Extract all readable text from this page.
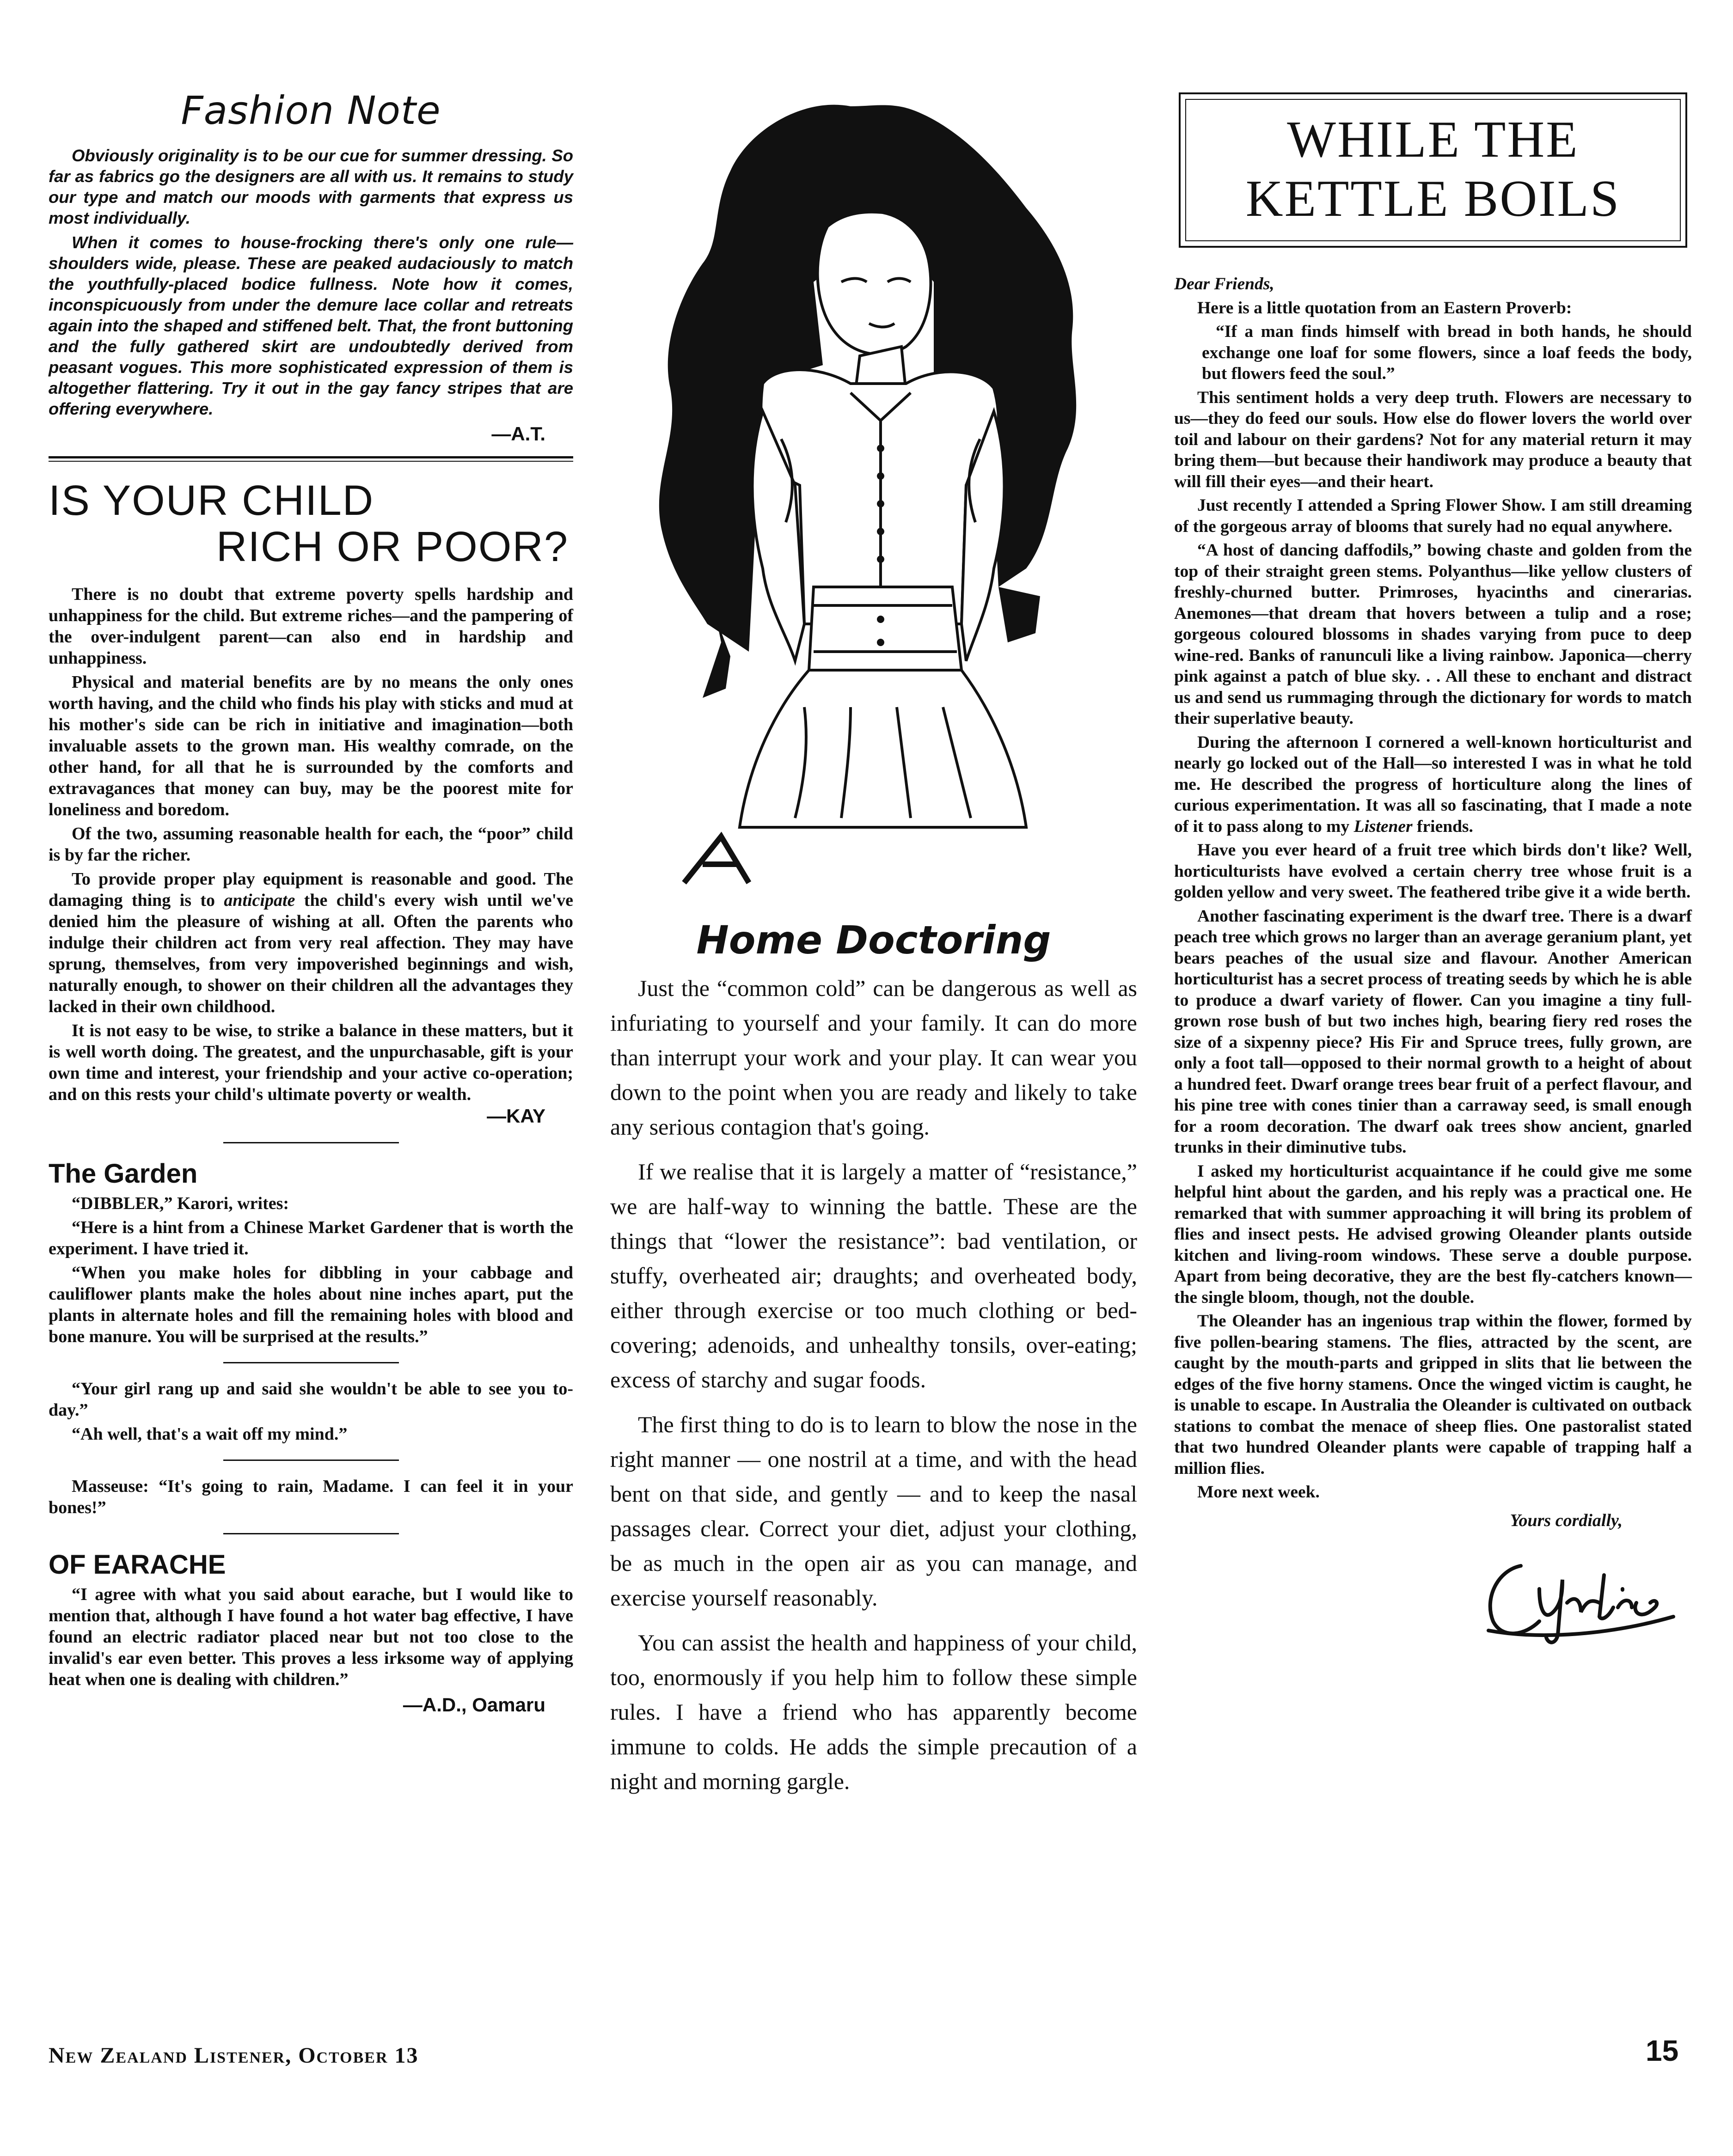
Fashion Note

Obviously originality is to be our cue for summer dressing. So far as fabrics go the designers are all with us. It remains to study our type and match our moods with garments that express us most individually.

When it comes to house-frocking there's only one rule—shoulders wide, please. These are peaked audaciously to match the youthfully-placed bodice fullness. Note how it comes, inconspicuously from under the demure lace collar and retreats again into the shaped and stiffened belt. That, the front buttoning and the fully gathered skirt are undoubtedly derived from peasant vogues. This more sophisticated expression of them is altogether flattering. Try it out in the gay fancy stripes that are offering everywhere.

—A.T.
IS YOUR CHILD
RICH OR POOR?

There is no doubt that extreme poverty spells hardship and unhappiness for the child. But extreme riches—and the pampering of the over-indulgent parent—can also end in hardship and unhappiness.

Physical and material benefits are by no means the only ones worth having, and the child who finds his play with sticks and mud at his mother's side can be rich in initiative and imagination—both invaluable assets to the grown man. His wealthy comrade, on the other hand, for all that he is surrounded by the comforts and extravagances that money can buy, may be the poorest mite for loneliness and boredom.

Of the two, assuming reasonable health for each, the “poor” child is by far the richer.

To provide proper play equipment is reasonable and good. The damaging thing is to anticipate the child's every wish until we've denied him the pleasure of wishing at all. Often the parents who indulge their children act from very real affection. They may have sprung, themselves, from very impoverished beginnings and wish, naturally enough, to shower on their children all the advantages they lacked in their own childhood.

It is not easy to be wise, to strike a balance in these matters, but it is well worth doing. The greatest, and the unpurchasable, gift is your own time and interest, your friendship and your active co-operation; and on this rests your child's ultimate poverty or wealth.

—KAY
The Garden

“DIBBLER,” Karori, writes:

“Here is a hint from a Chinese Market Gardener that is worth the experiment. I have tried it.

“When you make holes for dibbling in your cabbage and cauliflower plants make the holes about nine inches apart, put the plants in alternate holes and fill the remaining holes with blood and bone manure. You will be surprised at the results.”

“Your girl rang up and said she wouldn't be able to see you to-day.”

“Ah well, that's a wait off my mind.”

Masseuse: “It's going to rain, Madame. I can feel it in your bones!”

OF EARACHE

“I agree with what you said about earache, but I would like to mention that, although I have found a hot water bag effective, I have found an electric radiator placed near but not too close to the invalid's ear even better. This proves a less irksome way of applying heat when one is dealing with children.”

—A.D., Oamaru
Home Doctoring

Just the “common cold” can be dangerous as well as infuriating to yourself and your family. It can do more than interrupt your work and your play. It can wear you down to the point when you are ready and likely to take any serious contagion that's going.

If we realise that it is largely a matter of “resistance,” we are half-way to winning the battle. These are the things that “lower the resistance”: bad ventilation, or stuffy, overheated air; draughts; and overheated body, either through exercise or too much clothing or bed-covering; adenoids, and unhealthy tonsils, over-eating; excess of starchy and sugar foods.

The first thing to do is to learn to blow the nose in the right manner — one nostril at a time, and with the head bent on that side, and gently — and to keep the nasal passages clear. Correct your diet, adjust your clothing, be as much in the open air as you can manage, and exercise yourself reasonably.

You can assist the health and happiness of your child, too, enormously if you help him to follow these simple rules. I have a friend who has apparently become immune to colds. He adds the simple precaution of a night and morning gargle.

WHILE THE
KETTLE BOILS

Dear Friends,

Here is a little quotation from an Eastern Proverb:

“If a man finds himself with bread in both hands, he should exchange one loaf for some flowers, since a loaf feeds the body, but flowers feed the soul.”

This sentiment holds a very deep truth. Flowers are necessary to us—they do feed our souls. How else do flower lovers the world over toil and labour on their gardens? Not for any material return it may bring them—but because their handiwork may produce a beauty that will fill their eyes—and their heart.

Just recently I attended a Spring Flower Show. I am still dreaming of the gorgeous array of blooms that surely had no equal anywhere.

“A host of dancing daffodils,” bowing chaste and golden from the top of their straight green stems. Polyanthus—like yellow clusters of freshly-churned butter. Primroses, hyacinths and cinerarias. Anemones—that dream that hovers between a tulip and a rose; gorgeous coloured blossoms in shades varying from puce to deep wine-red. Banks of ranunculi like a living rainbow. Japonica—cherry pink against a patch of blue sky. . . All these to enchant and distract us and send us rummaging through the dictionary for words to match their superlative beauty.

During the afternoon I cornered a well-known horticulturist and nearly go locked out of the Hall—so interested I was in what he told me. He described the progress of horticulture along the lines of curious experimentation. It was all so fascinating, that I made a note of it to pass along to my Listener friends.

Have you ever heard of a fruit tree which birds don't like? Well, horticulturists have evolved a certain cherry tree whose fruit is a golden yellow and very sweet. The feathered tribe give it a wide berth.

Another fascinating experiment is the dwarf tree. There is a dwarf peach tree which grows no larger than an average geranium plant, yet bears peaches of the usual size and flavour. Another American horticulturist has a secret process of treating seeds by which he is able to produce a dwarf variety of flower. Can you imagine a tiny full-grown rose bush of but two inches high, bearing fiery red roses the size of a sixpenny piece? His Fir and Spruce trees, fully grown, are only a foot tall—opposed to their normal growth to a height of about a hundred feet. Dwarf orange trees bear fruit of a perfect flavour, and his pine tree with cones tinier than a carraway seed, is small enough for a room decoration. The dwarf oak trees show ancient, gnarled trunks in their diminutive tubs.

I asked my horticulturist acquaintance if he could give me some helpful hint about the garden, and his reply was a practical one. He remarked that with summer approaching it will bring its problem of flies and insect pests. He advised growing Oleander plants outside kitchen and living-room windows. These serve a double purpose. Apart from being decorative, they are the best fly-catchers known—the single bloom, though, not the double.

The Oleander has an ingenious trap within the flower, formed by five pollen-bearing stamens. The flies, attracted by the scent, are caught by the mouth-parts and gripped in slits that lie between the edges of the five horny stamens. Once the winged victim is caught, he is unable to escape. In Australia the Oleander is cultivated on outback stations to combat the menace of sheep flies. One pastoralist stated that two hundred Oleander plants were capable of trapping half a million flies.

More next week.

Yours cordially,
New Zealand Listener, October 13	15
